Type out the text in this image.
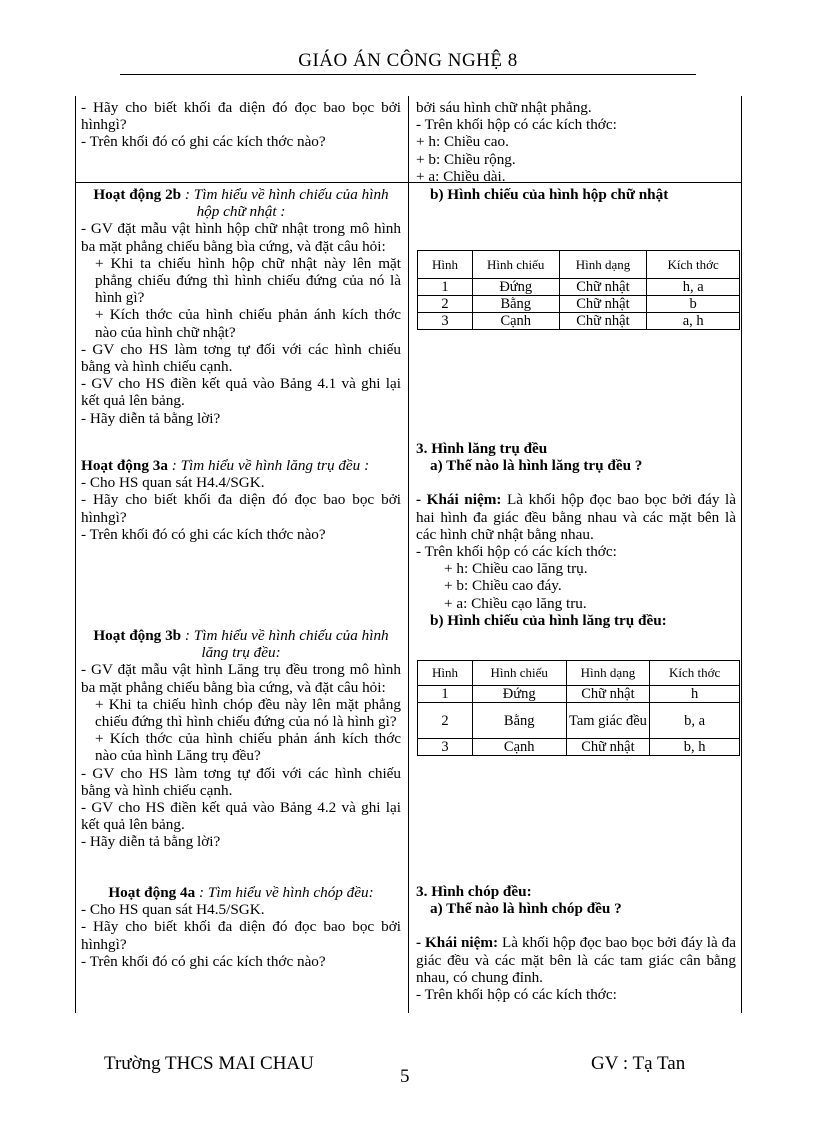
GIÁO ÁN CÔNG NGHỆ 8

- Hãy cho biết khối đa diện đó đọc bao bọc bởi hìnhgì?

- Trên khối đó có ghi các kích thớc nào?

Hoạt động 2b : Tìm hiểu về hình chiếu của hình hộp chữ nhật :

- GV đặt mẫu vật hình hộp chữ nhật trong mô hình ba mặt phẳng chiếu bằng bìa cứng, và đặt câu hỏi:

+ Khi ta chiếu hình hộp chữ nhật này lên mặt phẳng chiếu đứng thì hình chiếu đứng của nó là hình gì?

+ Kích thớc của hình chiếu phản ánh kích thớc nào của hình chữ nhật?

- GV cho HS làm tơng tự đối với các hình chiếu bằng và hình chiếu cạnh.

- GV cho HS điền kết quả vào Bảng 4.1 và ghi lại kết quả lên bảng.

- Hãy diễn tả bằng lời?

Hoạt động 3a : Tìm hiểu về hình lăng trụ đều :

- Cho HS quan sát H4.4/SGK.

- Hãy cho biết khối đa diện đó đọc bao bọc bởi hìnhgì?

- Trên khối đó có ghi các kích thớc nào?

Hoạt động 3b : Tìm hiểu về hình chiếu của hình lăng trụ đều:

- GV đặt mẫu vật hình Lăng trụ đều trong mô hình ba mặt phẳng chiếu bằng bìa cứng, và đặt câu hỏi:

+ Khi ta chiếu hình chóp đều này lên mặt phẳng chiếu đứng thì hình chiếu đứng của nó là hình gì?

+ Kích thớc của hình chiếu phản ánh kích thớc nào của hình Lăng trụ đều?

- GV cho HS làm tơng tự đối với các hình chiếu bằng và hình chiếu cạnh.

- GV cho HS điền kết quả vào Bảng 4.2 và ghi lại kết quả lên bảng.

- Hãy diễn tả bằng lời?

Hoạt động 4a : Tìm hiểu về hình chóp đều:

- Cho HS quan sát H4.5/SGK.

- Hãy cho biết khối đa diện đó đọc bao bọc bởi hìnhgì?

- Trên khối đó có ghi các kích thớc nào?

bởi sáu hình chữ nhật phẳng.

- Trên khối hộp có các kích thớc:

+ h: Chiều cao.

+ b: Chiều rộng.

+ a: Chiều dài.

b) Hình chiếu của hình hộp chữ nhật

3. Hình lăng trụ đều

a) Thế nào là hình lăng trụ đều ?

- Khái niệm: Là khối hộp đọc bao bọc bởi đáy là hai hình đa giác đều bằng nhau và các mặt bên là các hình chữ nhật bằng nhau.

- Trên khối hộp có các kích thớc:

+ h: Chiều cao lăng trụ.

+ b: Chiều cao đáy.

+ a: Chiều cạo lăng tru.

b) Hình chiếu của hình lăng trụ đều:

3. Hình chóp đều:

a) Thế nào là hình chóp đều ?

- Khái niệm: Là khối hộp đọc bao bọc bởi đáy là đa giác đều và các mặt bên là các tam giác cân bằng nhau, có chung đỉnh.

- Trên khối hộp có các kích thớc:

Hình	Hình chiếu	Hình dạng	Kích thớc
1	Đứng	Chữ nhật	h, a
2	Bằng	Chữ nhật	b
3	Cạnh	Chữ nhật	a, h
Hình	Hình chiếu	Hình dạng	Kích thớc
1	Đứng	Chữ nhật	h
2	Bằng	Tam giác đều	b, a
3	Cạnh	Chữ nhật	b, h
Trường THCS MAI CHAU
5
GV : Tạ Tan
